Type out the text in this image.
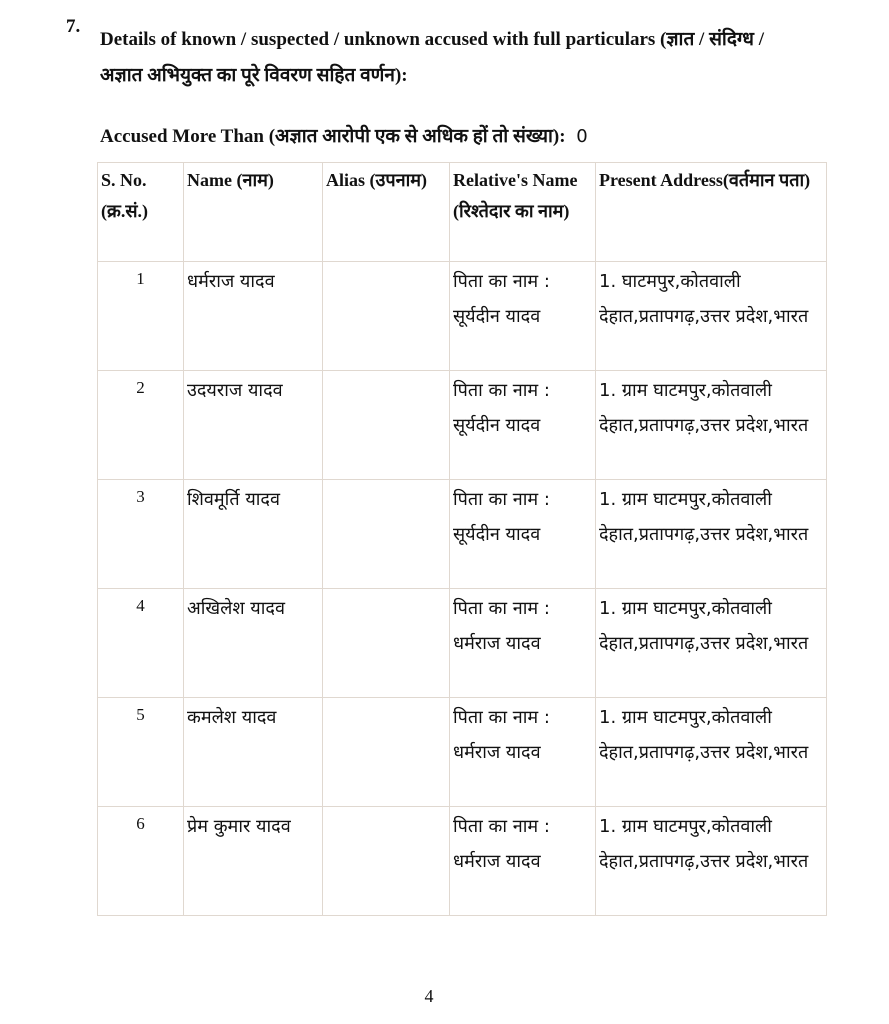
7.
Details of known / suspected / unknown accused with full particulars (ज्ञात / संदिग्ध / अज्ञात अभियुक्त का पूरे विवरण सहित वर्णन):
Accused More Than (अज्ञात आरोपी एक से अधिक हों तो संख्या): 0
S. No. (क्र.सं.)	Name (नाम)	Alias (उपनाम)	Relative's Name (रिश्तेदार का नाम)	Present Address(वर्तमान पता)
1	धर्मराज यादव		पिता का नाम : सूर्यदीन यादव	1. घाटमपुर,कोतवाली देहात,प्रतापगढ़,उत्तर प्रदेश,भारत
2	उदयराज यादव		पिता का नाम : सूर्यदीन यादव	1. ग्राम घाटमपुर,कोतवाली देहात,प्रतापगढ़,उत्तर प्रदेश,भारत
3	शिवमूर्ति यादव		पिता का नाम : सूर्यदीन यादव	1. ग्राम घाटमपुर,कोतवाली देहात,प्रतापगढ़,उत्तर प्रदेश,भारत
4	अखिलेश यादव		पिता का नाम : धर्मराज यादव	1. ग्राम घाटमपुर,कोतवाली देहात,प्रतापगढ़,उत्तर प्रदेश,भारत
5	कमलेश यादव		पिता का नाम : धर्मराज यादव	1. ग्राम घाटमपुर,कोतवाली देहात,प्रतापगढ़,उत्तर प्रदेश,भारत
6	प्रेम कुमार यादव		पिता का नाम : धर्मराज यादव	1. ग्राम घाटमपुर,कोतवाली देहात,प्रतापगढ़,उत्तर प्रदेश,भारत
4
